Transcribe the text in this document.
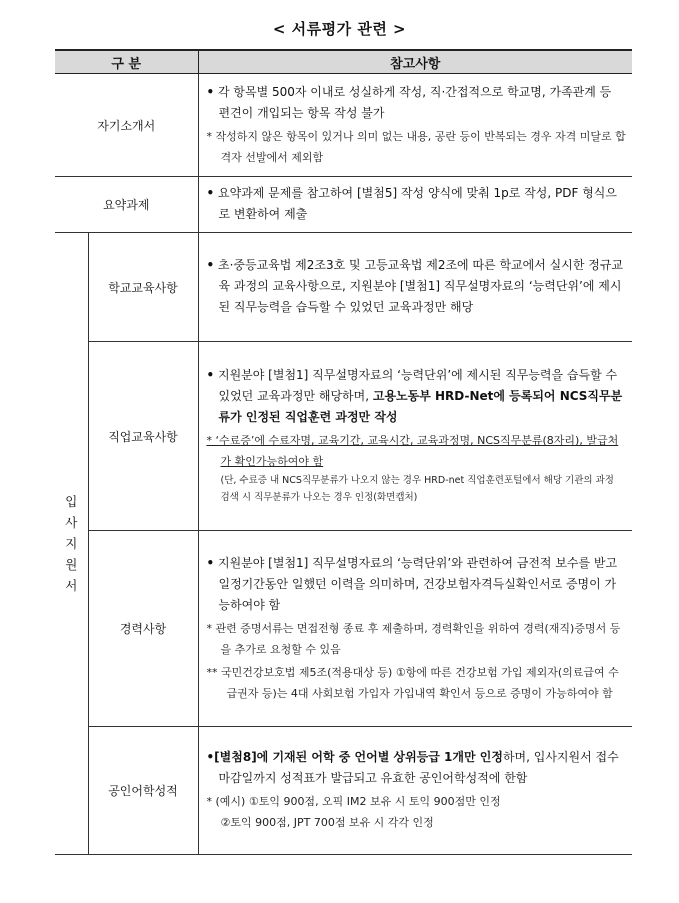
< 서류평가 관련 >
구 분		참고사항
자기소개서		• 각 항목별 500자 이내로 성실하게 작성, 직·간접적으로 학교명, 가족관계 등 편견이 개입되는 항목 작성 불가
* 작성하지 않은 항목이 있거나 의미 없는 내용, 공란 등이 반복되는 경우 자격 미달로 합격자 선발에서 제외함

요약과제		• 요약과제 문제를 참고하여 [별첨5] 작성 양식에 맞춰 1p로 작성, PDF 형식으로 변환하여 제출

입
사
지
원
서	학교교육사항	• 초·중등교육법 제2조3호 및 고등교육법 제2조에 따른 학교에서 실시한 정규교육 과정의 교육사항으로, 지원분야 [별첨1] 직무설명자료의 ‘능력단위’에 제시된 직무능력을 습득할 수 있었던 교육과정만 해당

	직업교육사항	• 지원분야 [별첨1] 직무설명자료의 ‘능력단위’에 제시된 직무능력을 습득할 수 있었던 교육과정만 해당하며, 고용노동부 HRD-Net에 등록되어 NCS직무분류가 인정된 직업훈련 과정만 작성
* ‘수료증’에 수료자명, 교육기간, 교육시간, 교육과정명, NCS직무분류(8자리), 발급처가 확인가능하여야 함
(단, 수료증 내 NCS직무분류가 나오지 않는 경우 HRD-net 직업훈련포털에서 해당 기관의 과정 검색 시 직무분류가 나오는 경우 인정(화면캡처)

	경력사항	• 지원분야 [별첨1] 직무설명자료의 ‘능력단위’와 관련하여 금전적 보수를 받고 일정기간동안 일했던 이력을 의미하며, 건강보험자격득실확인서로 증명이 가능하여야 함
* 관련 증명서류는 면접전형 종료 후 제출하며, 경력확인을 위하여 경력(재직)증명서 등을 추가로 요청할 수 있음
** 국민건강보호법 제5조(적용대상 등) ①항에 따른 건강보험 가입 제외자(의료급여 수급권자 등)는 4대 사회보험 가입자 가입내역 확인서 등으로 증명이 가능하여야 함

	공인어학성적	•[별첨8]에 기재된 어학 중 언어별 상위등급 1개만 인정하며, 입사지원서 접수마감일까지 성적표가 발급되고 유효한 공인어학성적에 한함
* (예시) ①토익 900점, 오픽 IM2 보유 시 토익 900점만 인정
②토익 900점, JPT 700점 보유 시 각각 인정
